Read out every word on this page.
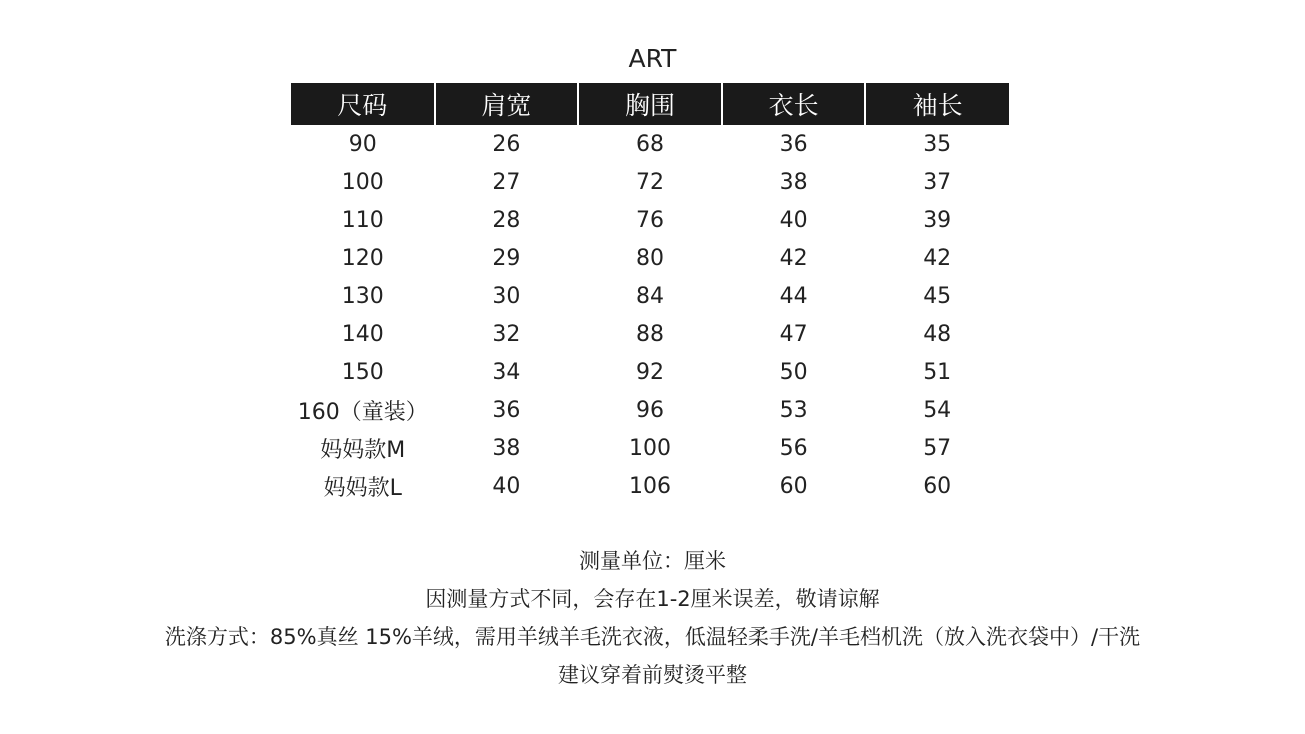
ART
尺码	肩宽	胸围	衣长	袖长
90	26	68	36	35
100	27	72	38	37
110	28	76	40	39
120	29	80	42	42
130	30	84	44	45
140	32	88	47	48
150	34	92	50	51
160（童装）	36	96	53	54
妈妈款M	38	100	56	57
妈妈款L	40	106	60	60
测量单位：厘米
因测量方式不同，会存在1-2厘米误差，敬请谅解
洗涤方式：85%真丝 15%羊绒，需用羊绒羊毛洗衣液，低温轻柔手洗/羊毛档机洗（放入洗衣袋中）/干洗
建议穿着前熨烫平整
